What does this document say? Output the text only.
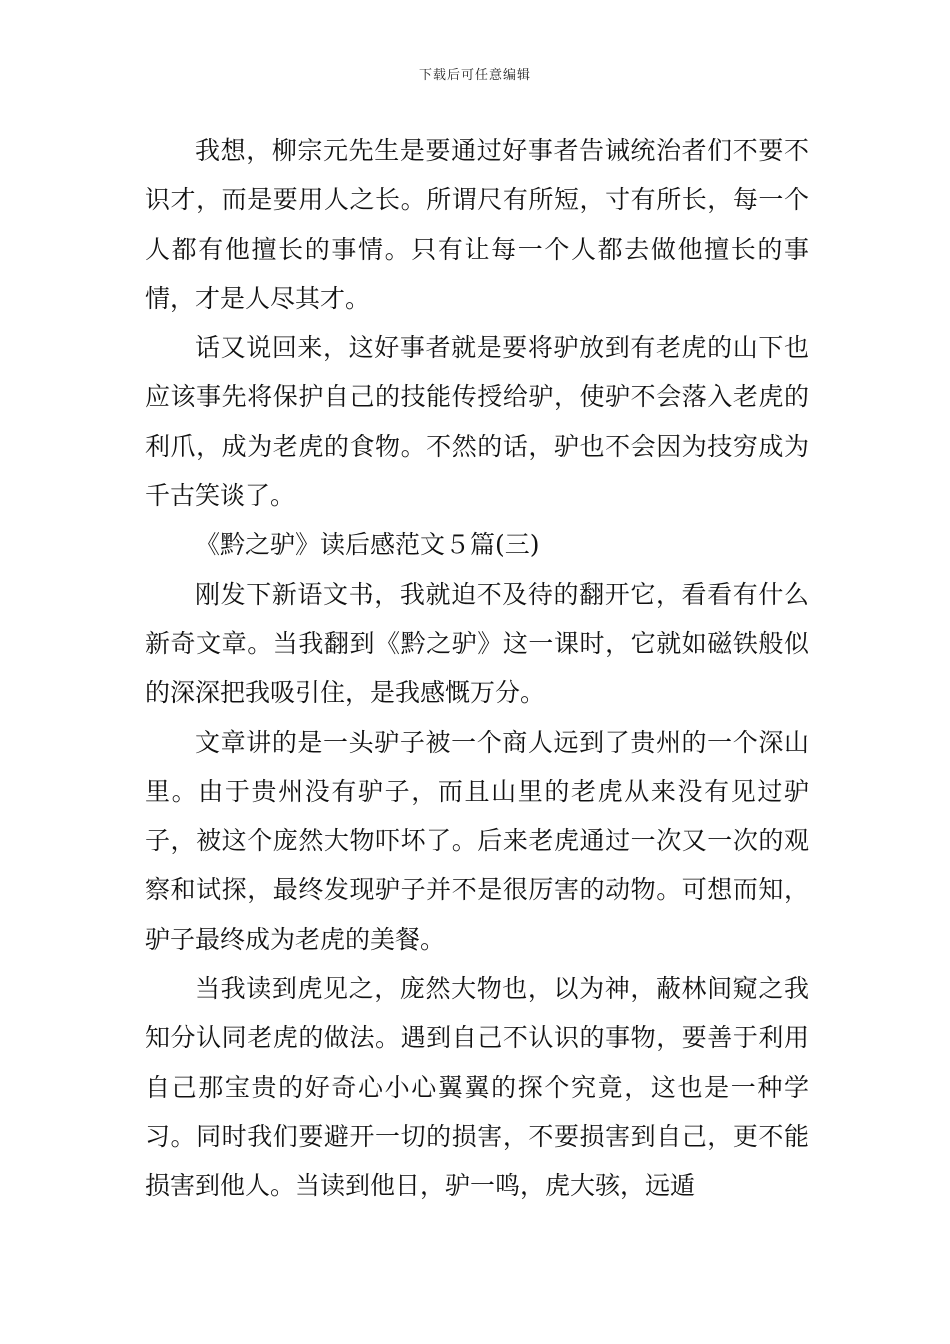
下载后可任意编辑

我想，柳宗元先生是要通过好事者告诫统治者们不要不识才，而是要用人之长。所谓尺有所短，寸有所长，每一个人都有他擅长的事情。只有让每一个人都去做他擅长的事情，才是人尽其才。

话又说回来，这好事者就是要将驴放到有老虎的山下也应该事先将保护自己的技能传授给驴，使驴不会落入老虎的利爪，成为老虎的食物。不然的话，驴也不会因为技穷成为千古笑谈了。

《黔之驴》读后感范文５篇(三)

刚发下新语文书，我就迫不及待的翻开它，看看有什么新奇文章。当我翻到《黔之驴》这一课时，它就如磁铁般似的深深把我吸引住，是我感慨万分。

文章讲的是一头驴子被一个商人远到了贵州的一个深山里。由于贵州没有驴子，而且山里的老虎从来没有见过驴子，被这个庞然大物吓坏了。后来老虎通过一次又一次的观察和试探，最终发现驴子并不是很厉害的动物。可想而知，驴子最终成为老虎的美餐。

当我读到虎见之，庞然大物也，以为神，蔽林间窥之我知分认同老虎的做法。遇到自己不认识的事物，要善于利用自己那宝贵的好奇心小心翼翼的探个究竟，这也是一种学习。同时我们要避开一切的损害，不要损害到自己，更不能损害到他人。当读到他日，驴一鸣，虎大骇，远遁
